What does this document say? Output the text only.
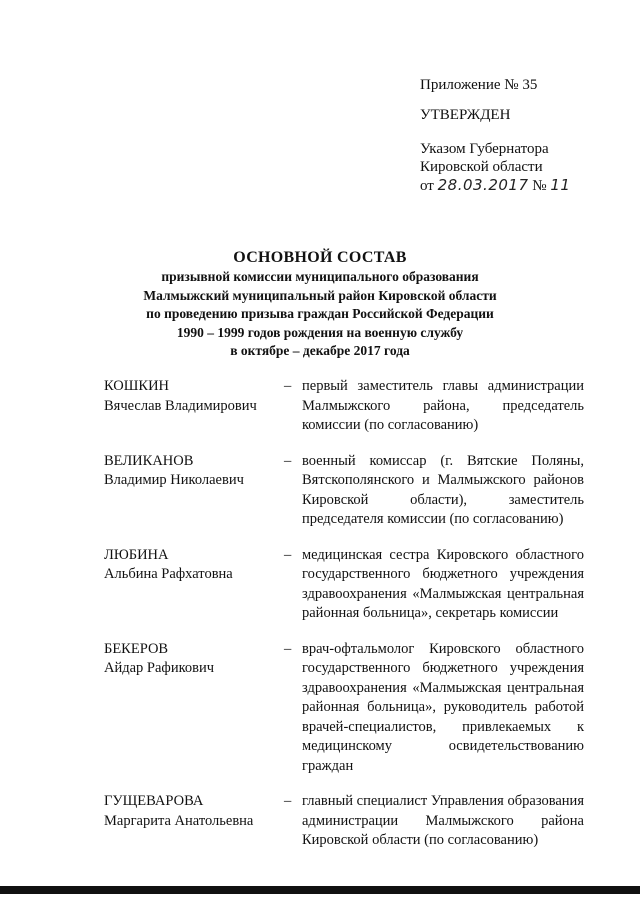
Приложение № 35
УТВЕРЖДЕН
Указом Губернатора
Кировской области
от 28.03.2017 № 11
ОСНОВНОЙ СОСТАВ
призывной комиссии муниципального образования
Малмыжский муниципальный район Кировской области
по проведению призыва граждан Российской Федерации
1990 – 1999 годов рождения на военную службу
в октябре – декабре 2017 года
КОШКИН
Вячеслав Владимирович
– первый заместитель главы администрации Малмыжского района, председатель комиссии (по согласованию)
ВЕЛИКАНОВ
Владимир Николаевич
– военный комиссар (г. Вятские Поляны, Вятскополянского и Малмыжского районов Кировской области), заместитель председателя комиссии (по согласованию)
ЛЮБИНА
Альбина Рафхатовна
– медицинская сестра Кировского областного государственного бюджетного учреждения здравоохранения «Малмыжская центральная районная больница», секретарь комиссии
БЕКЕРОВ
Айдар Рафикович
– врач-офтальмолог Кировского областного государственного бюджетного учреждения здравоохранения «Малмыжская центральная районная больница», руководитель работой врачей-специалистов, привлекаемых к медицинскому освидетельствованию граждан
ГУЩЕВАРОВА
Маргарита Анатольевна
– главный специалист Управления образования администрации Малмыжского района Кировской области (по согласованию)
